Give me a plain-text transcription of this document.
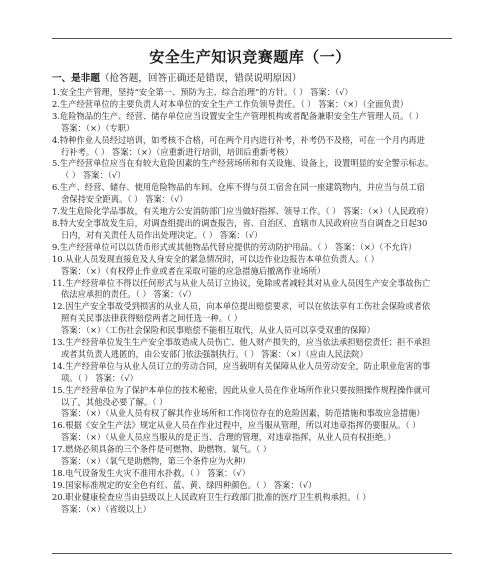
安全生产知识竞赛题库（一）
一、是非题（抢答题，回答正确还是错误，错误说明原因）
1.安全生产管理，坚持“安全第一、预防为主、综合治理”的方针。（ ） 答案：（√）
2.生产经营单位的主要负责人对本单位的安全生产工作负领导责任。（ ） 答案：（×）（全面负责）
3.危险物品的生产、经营、储存单位应当设置安全生产管理机构或者配备兼职安全生产管理人员。（ ）
答案：（×）（专职）
4.特种作业人员经过培训，如考核不合格，可在两个月内进行补考，补考仍不及格，可在一个月内再进
行补考。（ ） 答案：（×）（应重新进行培训，培训后重新考核）
5.生产经营单位应当在有较大危险因素的生产经营场所和有关设施、设备上，设置明显的安全警示标志。
（ ） 答案：（√）
6.生产、经营、储存、使用危险物品的车间、仓库不得与员工宿舍在同一座建筑物内，并应当与员工宿
舍保持安全距离。（ ） 答案：（√）
7.发生危险化学品事故，有关地方公安消防部门应当做好指挥、领导工作。（ ） 答案：（×）（人民政府）
8.特大安全事故发生后，对调查组提出的调查报告，省、自治区、直辖市人民政府应当自调查之日起30
日内，对有关责任人员作出处理决定。（ ） 答案：（√）
9.生产经营单位可以以货币形式或其他物品代替应提供的劳动防护用品。（ ） 答案：（×）（不允许）
10.从业人员发现直接危及人身安全的紧急情况时，可以边作业边报告本单位负责人。（ ）
答案：（×）（有权停止作业或者在采取可能的应急措施后撤离作业场所）
11.生产经营单位不得以任何形式与从业人员订立协议，免除或者减轻其对从业人员因生产安全事故伤亡
依法应承担的责任。（ ） 答案：（√）
12.因生产安全事故受到损害的从业人员，向本单位提出赔偿要求，可以在依法享有工伤社会保险或者依
照有关民事法律获得赔偿两者之间任选一种。（ ）
答案：（×）（工伤社会保险和民事赔偿不能相互取代，从业人员可以享受双重的保障）
13.生产经营单位发生生产安全事故造成人员伤亡、他人财产损失的，应当依法承担赔偿责任；拒不承担
或者其负责人逃匿的，由公安部门依法强制执行。（ ） 答案：（×）（应由人民法院）
14.生产经营单位与从业人员订立的劳动合同，应当载明有关保障从业人员劳动安全，防止职业危害的事
项。（ ） 答案：（√）
15.生产经营单位为了保护本单位的技术秘密，因此从业人员在作业场所作业只要按照操作规程操作就可
以了，其他没必要了解。（ ）
答案：（×）（从业人员有权了解其作业场所和工作岗位存在的危险因素，防范措施和事故应急措施）
16.根据《安全生产法》规定从业人员在作业过程中，应当服从管理，所以对违章指挥仍要服从。（ ）
答案：（×）（从业人员应当服从的是正当、合理的管理，对违章指挥，从业人员有权拒绝。）
17.燃烧必须具备的三个条件是可燃物、助燃物、氧气。（ ）
答案：（×）（氧气是助燃物，第三个条件应为火种）
18.电气设备发生火灾不准用水扑救。（ ） 答案：（√）
19.国家标准规定的安全色有红、蓝、黄、绿四种颜色。（ ） 答案：（√）
20.职业健康检查应当由县级以上人民政府卫生行政部门批准的医疗卫生机构承担。（ ）
答案：（×）（省级以上）
